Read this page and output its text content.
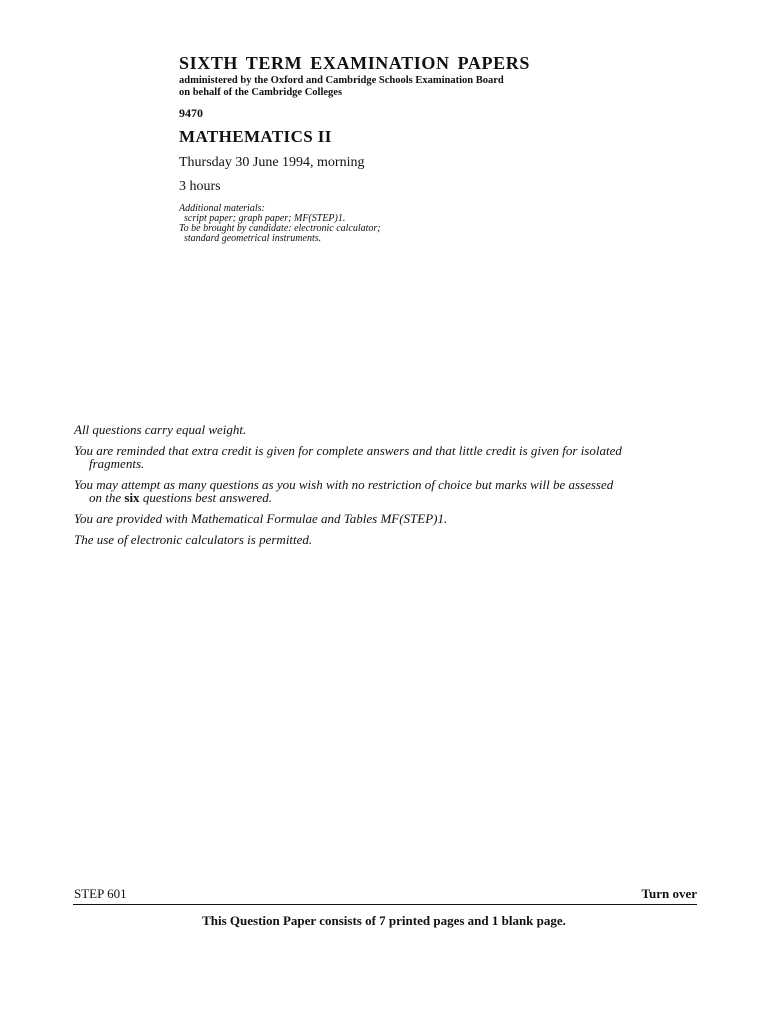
SIXTH TERM EXAMINATION PAPERS
administered by the Oxford and Cambridge Schools Examination Board
on behalf of the Cambridge Colleges
9470
MATHEMATICS II
Thursday 30 June 1994, morning
3 hours
Additional materials:
script paper; graph paper; MF(STEP)1.
To be brought by candidate: electronic calculator;
standard geometrical instruments.
All questions carry equal weight.
You are reminded that extra credit is given for complete answers and that little credit is given for isolated
fragments.
You may attempt as many questions as you wish with no restriction of choice but marks will be assessed
on the six questions best answered.
You are provided with Mathematical Formulae and Tables MF(STEP)1.
The use of electronic calculators is permitted.
STEP 601	Turn over
This Question Paper consists of 7 printed pages and 1 blank page.
